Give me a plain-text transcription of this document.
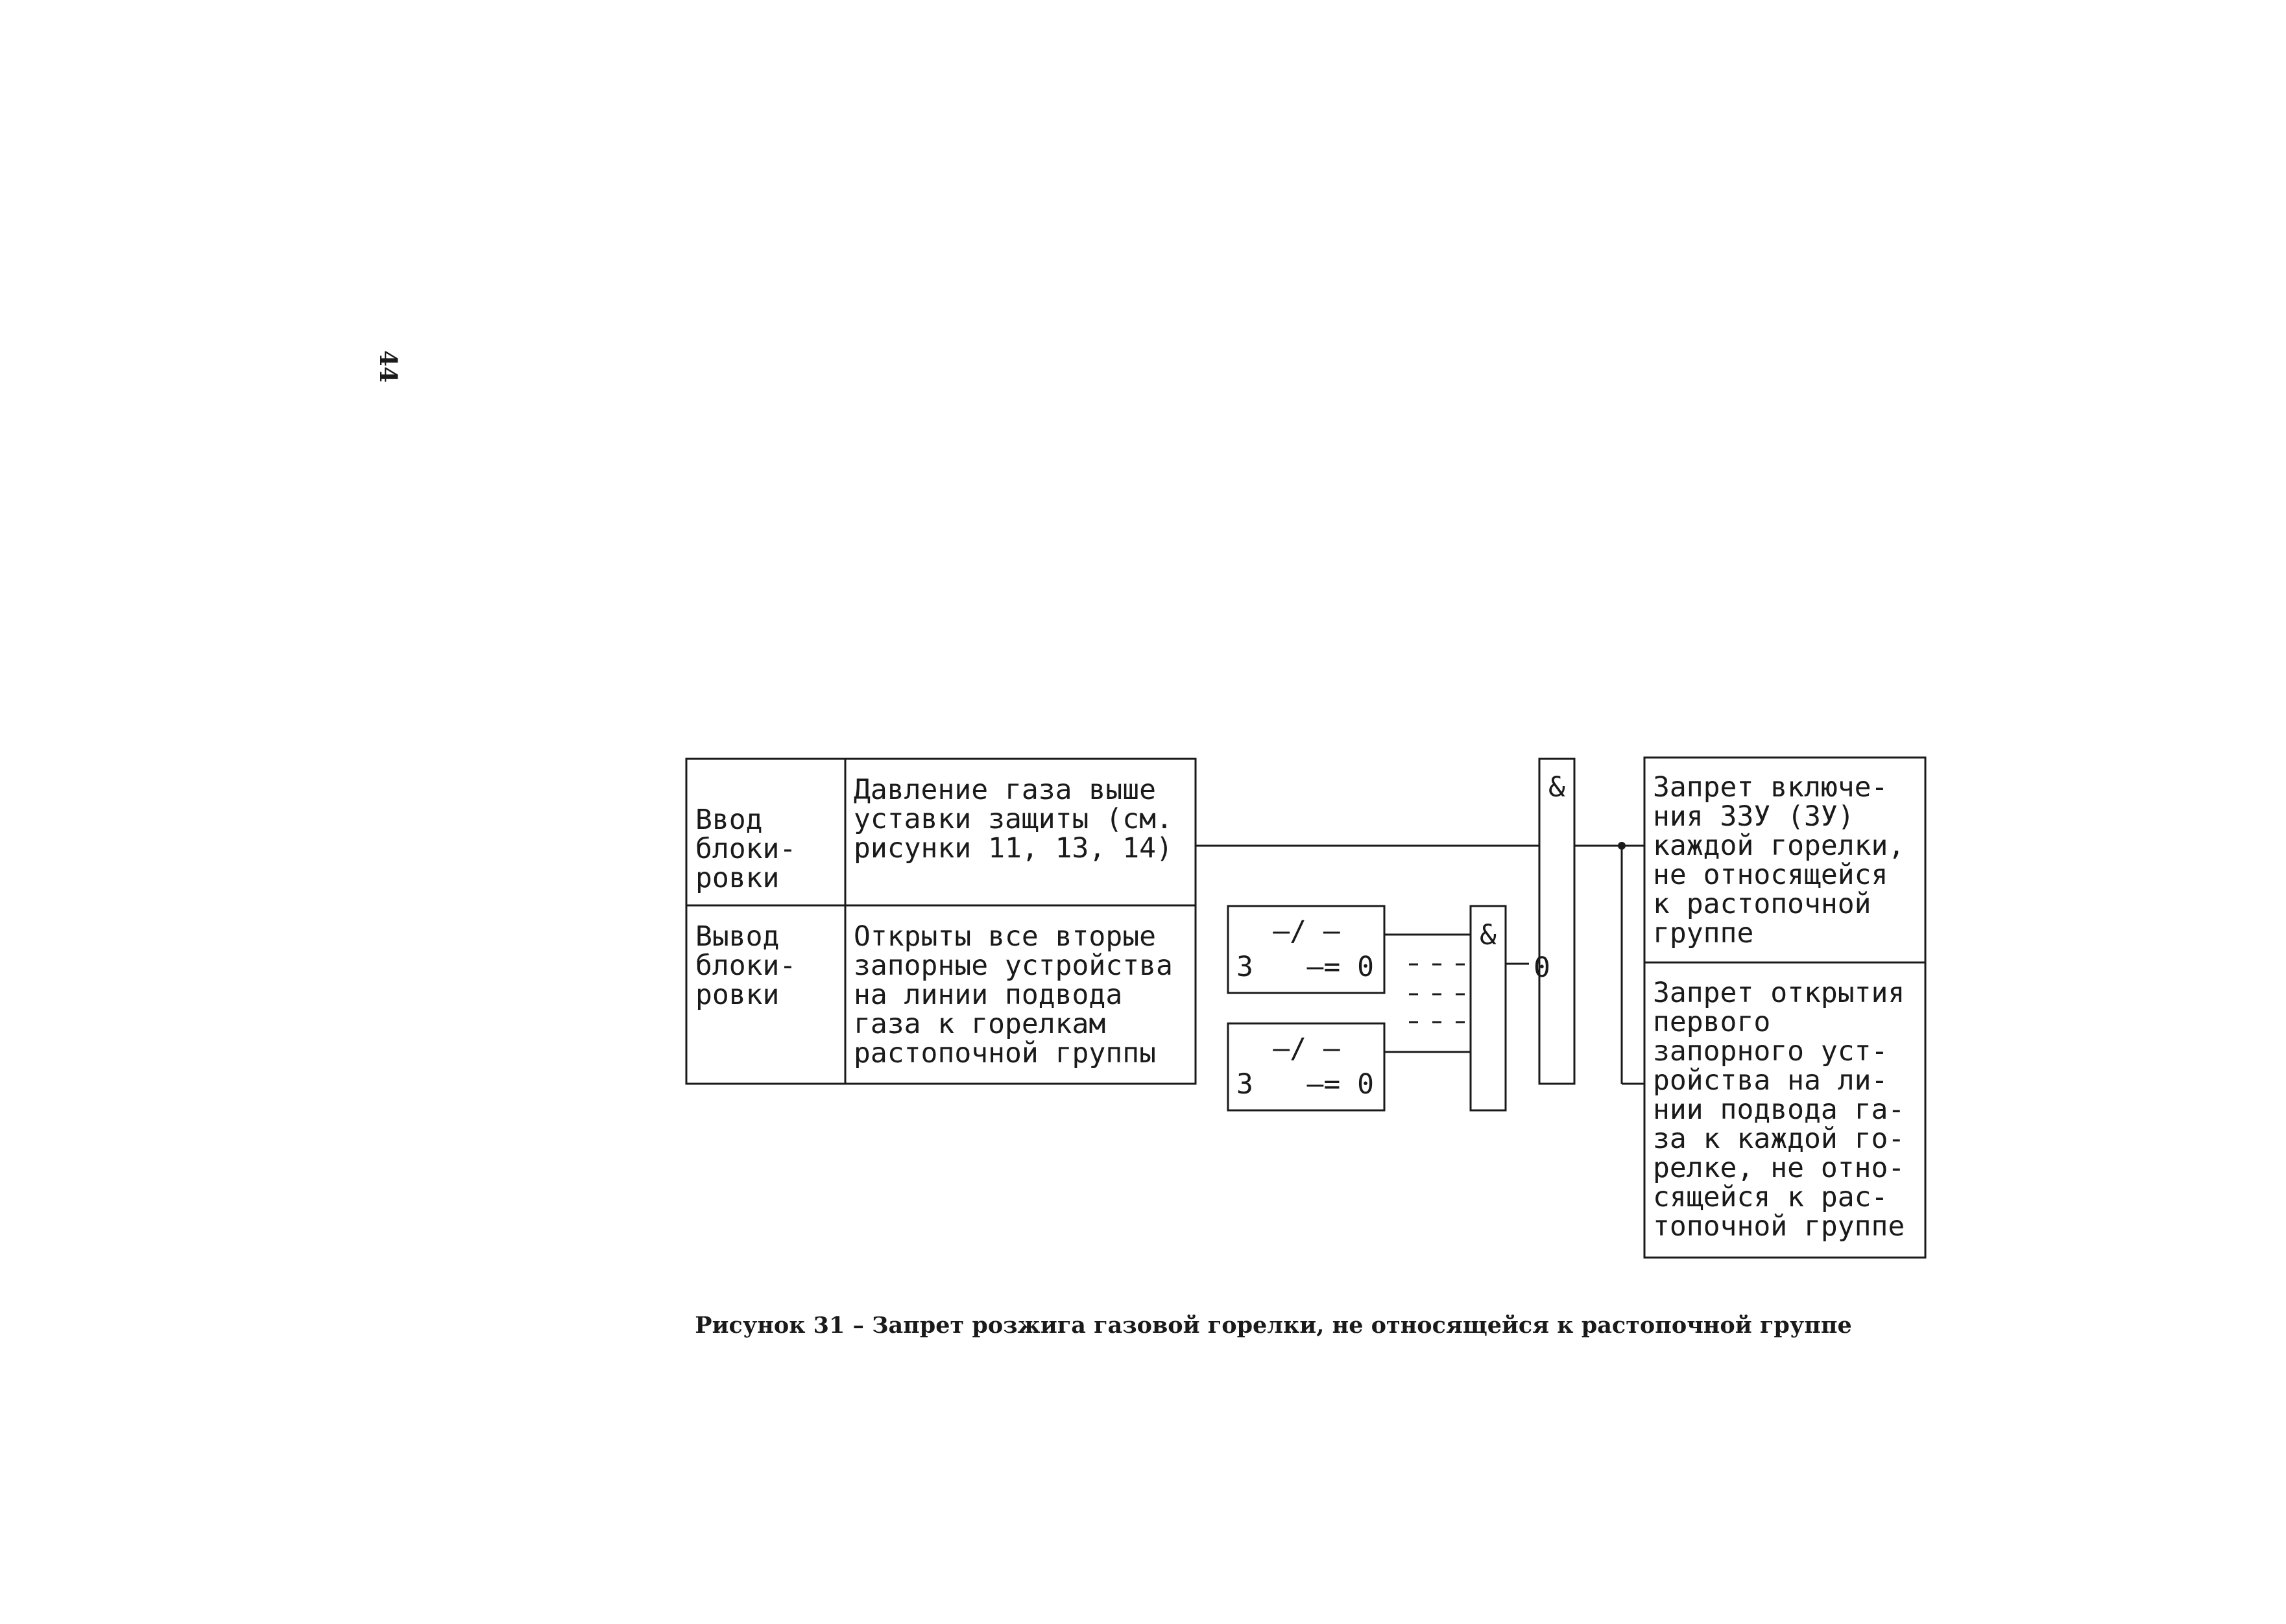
44
Ввод
блоки-
ровки
Давление газа выше
уставки защиты (см.
рисунки 11, 13, 14)
Вывод
блоки-
ровки
Открыты все вторые
запорные устройства
на линии подвода
газа к горелкам
растопочной группы
—/ —
3 —= 0
—/ —
3 —= 0
&
&
0
Запрет включе-
ния ЗЗУ (ЗУ)
каждой горелки,
не относящейся
к растопочной
группе
Запрет открытия
первого
запорного уст-
ройства на ли-
нии подвода га-
за к каждой го-
релке, не отно-
сящейся к рас-
топочной группе
Рисунок 31 – Запрет розжига газовой горелки, не относящейся к растопочной группе
